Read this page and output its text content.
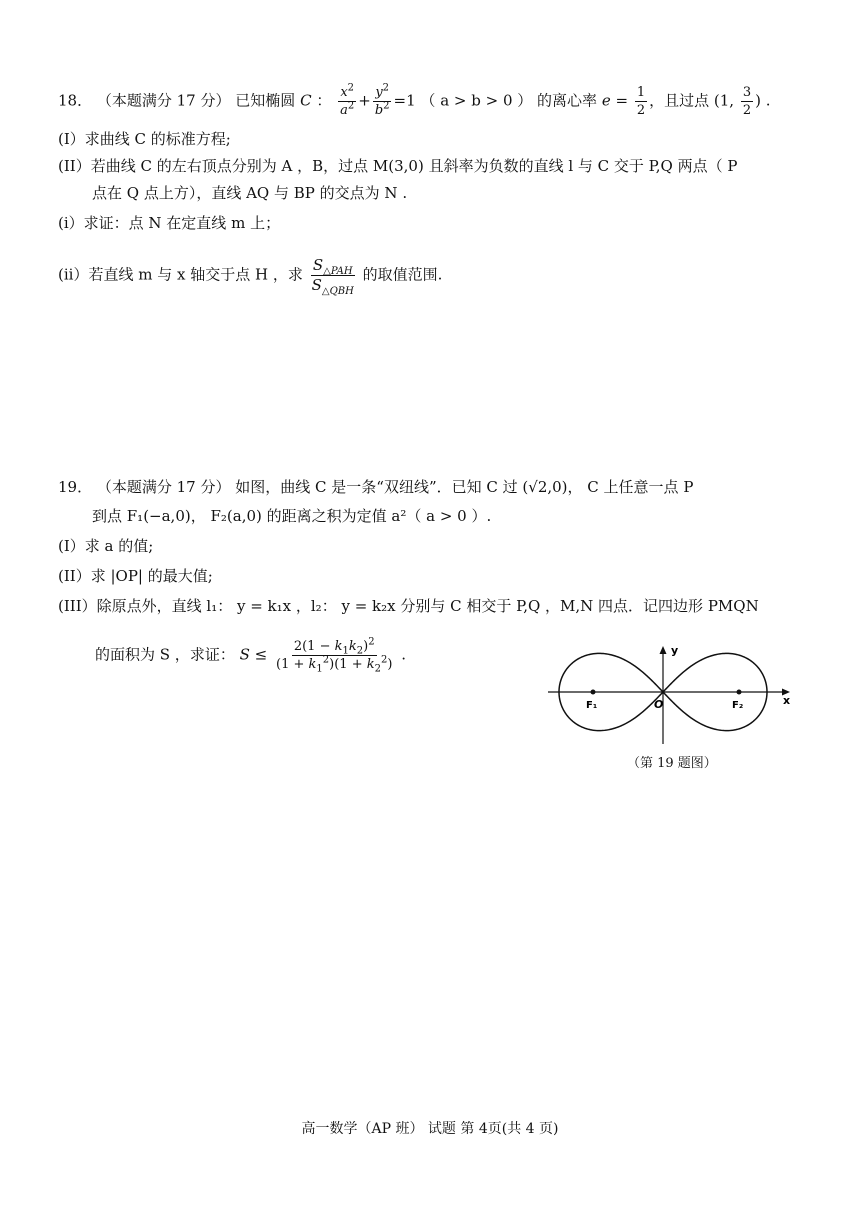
18． （本题满分 17 分） 已知椭圆 C ： $\frac{x^2}{a^2} + \frac{y^2}{b^2} =1$ （ a > b > 0 ） 的离心率 $e = \frac{1}{2}$ ，且过点 (1, $\frac{3}{2}$ ) .
(I）求曲线 C 的标准方程;
(II）若曲线 C 的左右顶点分别为 A ，B，过点 M(3,0) 且斜率为负数的直线 l 与 C 交于 P,Q 两点（ P
点在 Q 点上方），直线 AQ 与 BP 的交点为 N .
(i）求证：点 N 在定直线 m 上；
(ii）若直线 m 与 x 轴交于点 H ，求 $\frac{S_{\triangle PAH}}{S_{\triangle QBH}}$ 的取值范围.
19． （本题满分 17 分） 如图，曲线 C 是一条“双纽线”．已知 C 过 (√2,0)， C 上任意一点 P
到点 F₁(−a,0)， F₂(a,0) 的距离之积为定值 a²（ a > 0 ）.
(I）求 a 的值;
(II）求 |OP| 的最大值;
(III）除原点外，直线 l₁： y = k₁x ，l₂： y = k₂x 分别与 C 相交于 P,Q ，M,N 四点．记四边形 PMQN
的面积为 S ，求证： $S \le \frac{2(1 - k_1k_2)^2}{(1 + k_1^2)(1 + k_2^2)}$ .	y
x
O
F₁	F₂
（第 19 题图）
高一数学（AP 班） 试题 第 4页(共 4 页)
